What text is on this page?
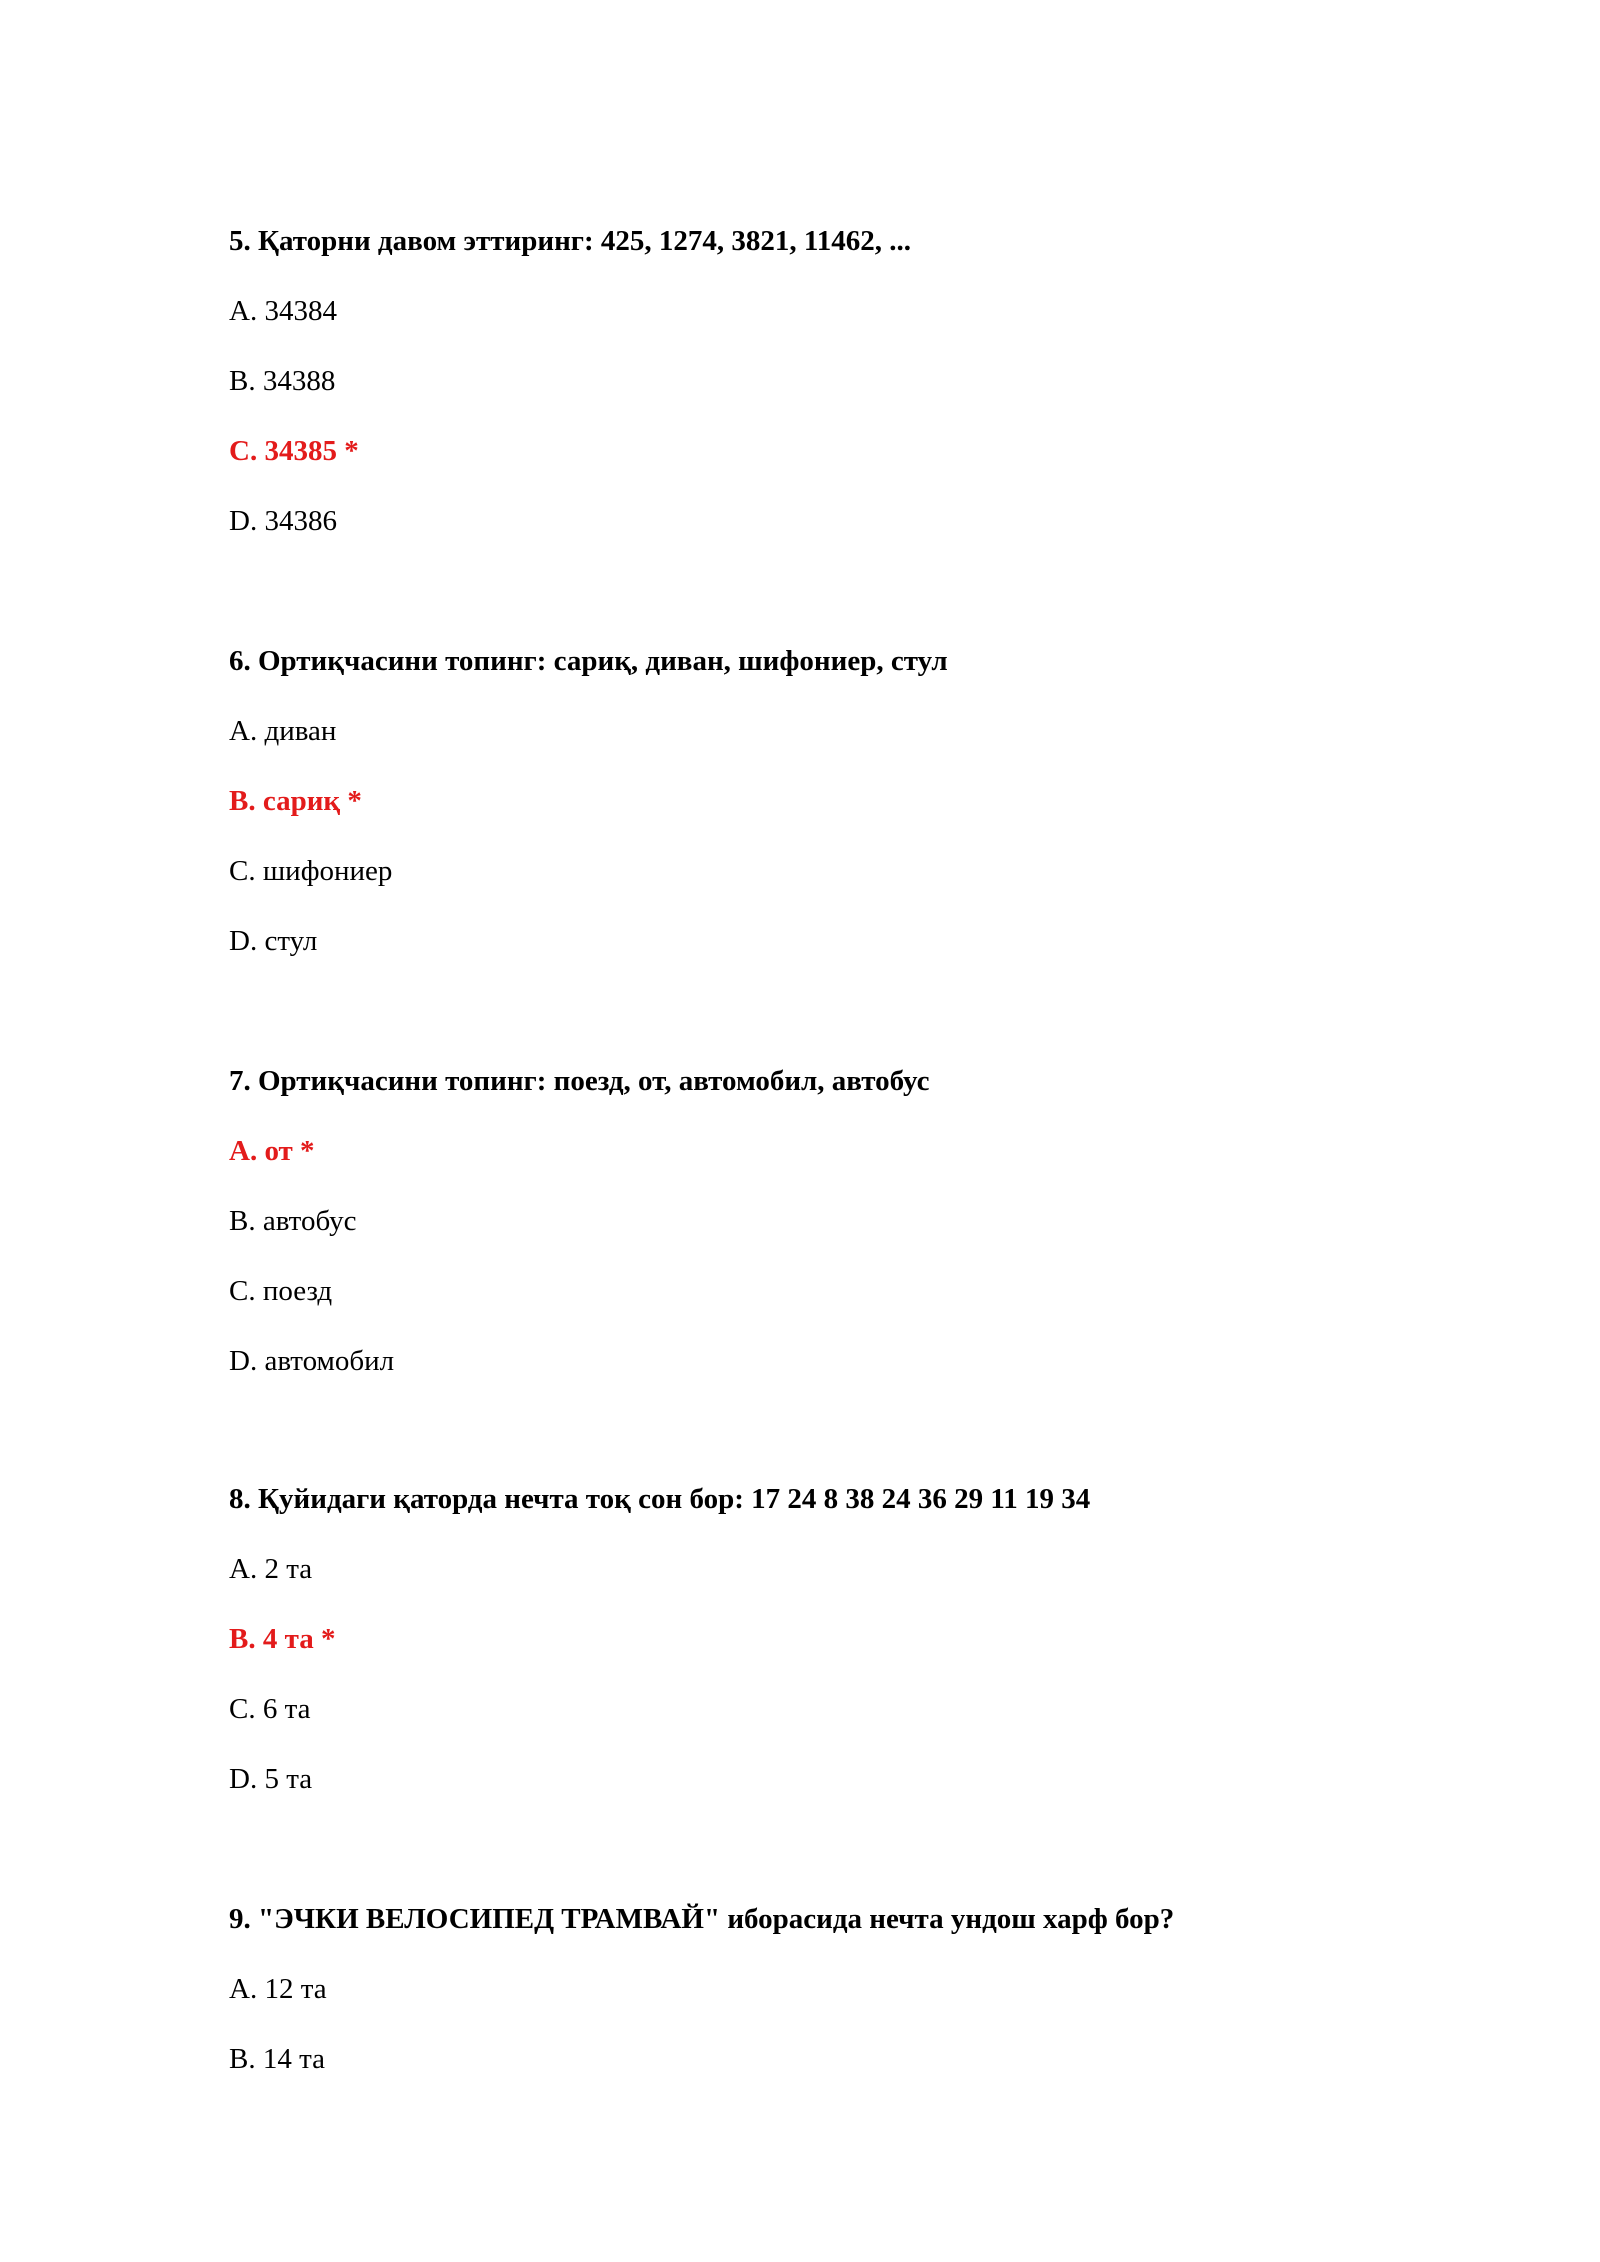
5. Қаторни давом эттиринг: 425, 1274, 3821, 11462, ...
A. 34384
B. 34388
C. 34385 *
D. 34386
6. Ортиқчасини топинг: сариқ, диван, шифониер, стул
A. диван
B. сариқ *
C. шифониер
D. стул
7. Ортиқчасини топинг: поезд, от, автомобил, автобус
A. от *
B. автобус
C. поезд
D. автомобил
8. Қуйидаги қаторда нечта тоқ сон бор: 17 24 8 38 24 36 29 11 19 34
A. 2 та
B. 4 та *
C. 6 та
D. 5 та
9. "ЭЧКИ ВЕЛОСИПЕД ТРАМВАЙ" иборасида нечта ундош харф бор?
A. 12 та
B. 14 та
